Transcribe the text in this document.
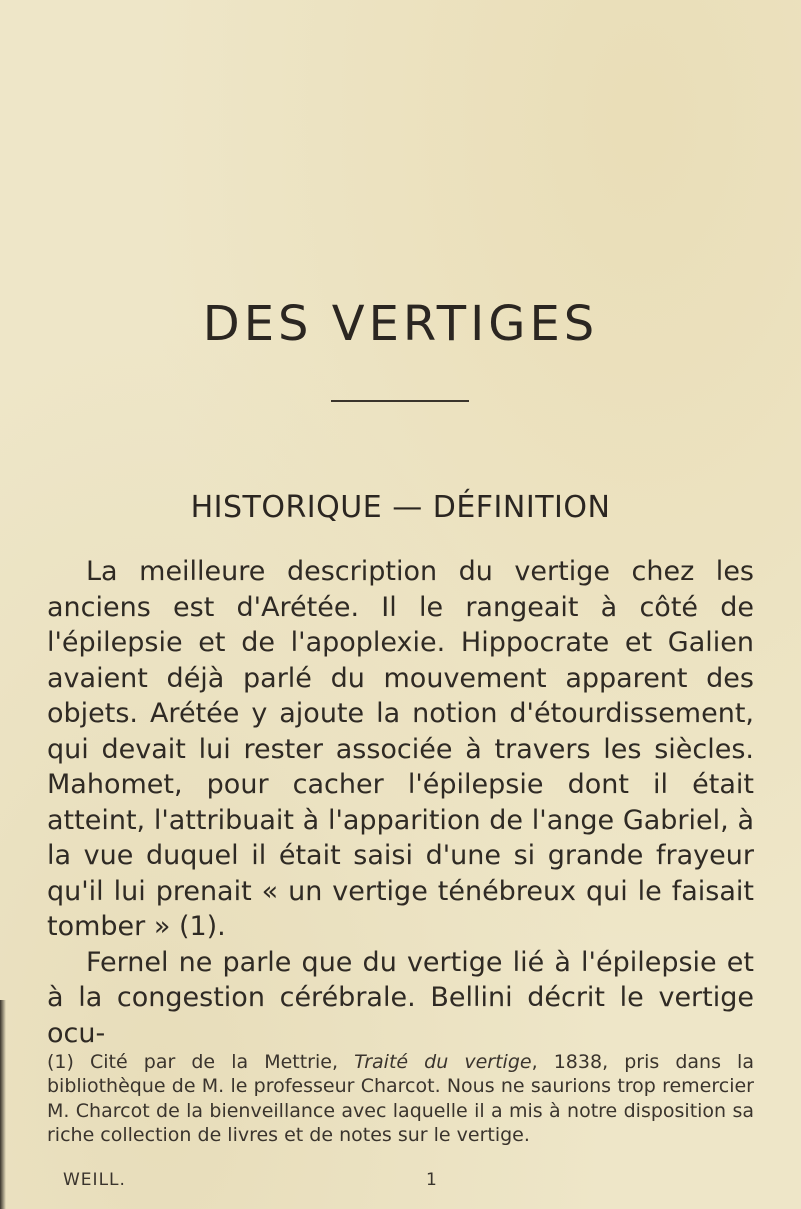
DES VERTIGES
HISTORIQUE — DÉFINITION

La meilleure description du vertige chez les anciens est d'Arétée. Il le rangeait à côté de l'épilepsie et de l'apoplexie. Hippocrate et Galien avaient déjà parlé du mouvement apparent des objets. Arétée y ajoute la notion d'étourdissement, qui devait lui rester associée à travers les siècles. Mahomet, pour cacher l'épilepsie dont il était atteint, l'attribuait à l'apparition de l'ange Gabriel, à la vue duquel il était saisi d'une si grande frayeur qu'il lui prenait « un vertige ténébreux qui le faisait tomber » (1).

Fernel ne parle que du vertige lié à l'épilepsie et à la congestion cérébrale. Bellini décrit le vertige ocu-

(1) Cité par de la Mettrie, Traité du vertige, 1838, pris dans la bibliothèque de M. le professeur Charcot. Nous ne saurions trop remercier M. Charcot de la bienveillance avec laquelle il a mis à notre disposition sa riche collection de livres et de notes sur le vertige.
WEILL.	1
